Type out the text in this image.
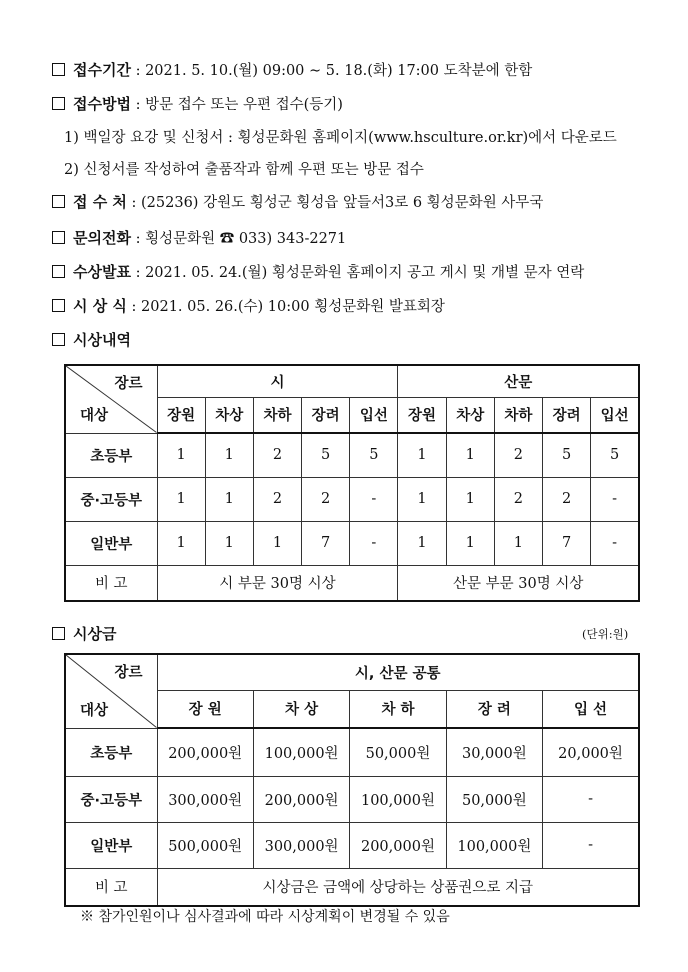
접수기간 : 2021. 5. 10.(월) 09:00 ∼ 5. 18.(화) 17:00 도착분에 한함
접수방법 : 방문 접수 또는 우편 접수(등기)
1) 백일장 요강 및 신청서 : 횡성문화원 홈페이지(www.hsculture.or.kr)에서 다운로드
2) 신청서를 작성하여 출품작과 함께 우편 또는 방문 접수
접 수 처 : (25236) 강원도 횡성군 횡성읍 앞들서3로 6 횡성문화원 사무국
문의전화 : 횡성문화원 ☎ 033) 343-2271
수상발표 : 2021. 05. 24.(월) 횡성문화원 홈페이지 공고 게시 및 개별 문자 연락
시 상 식 : 2021. 05. 26.(수) 10:00 횡성문화원 발표회장
시상내역
장르
대상	시					산문				
	장원	차상	차하	장려	입선	장원	차상	차하	장려	입선
초등부	1	1	2	5	5	1	1	2	5	5
중·고등부	1	1	2	2	-	1	1	2	2	-
일반부	1	1	1	7	-	1	1	1	7	-
비 고	시 부문 30명 시상					산문 부문 30명 시상				
시상금	(단위:원)
장르
대상	시, 산문 공통				
	장 원	차 상	차 하	장 려	입 선
초등부	200,000원	100,000원	50,000원	30,000원	20,000원
중·고등부	300,000원	200,000원	100,000원	50,000원	-
일반부	500,000원	300,000원	200,000원	100,000원	-
비 고	시상금은 금액에 상당하는 상품권으로 지급				
※ 참가인원이나 심사결과에 따라 시상계획이 변경될 수 있음
